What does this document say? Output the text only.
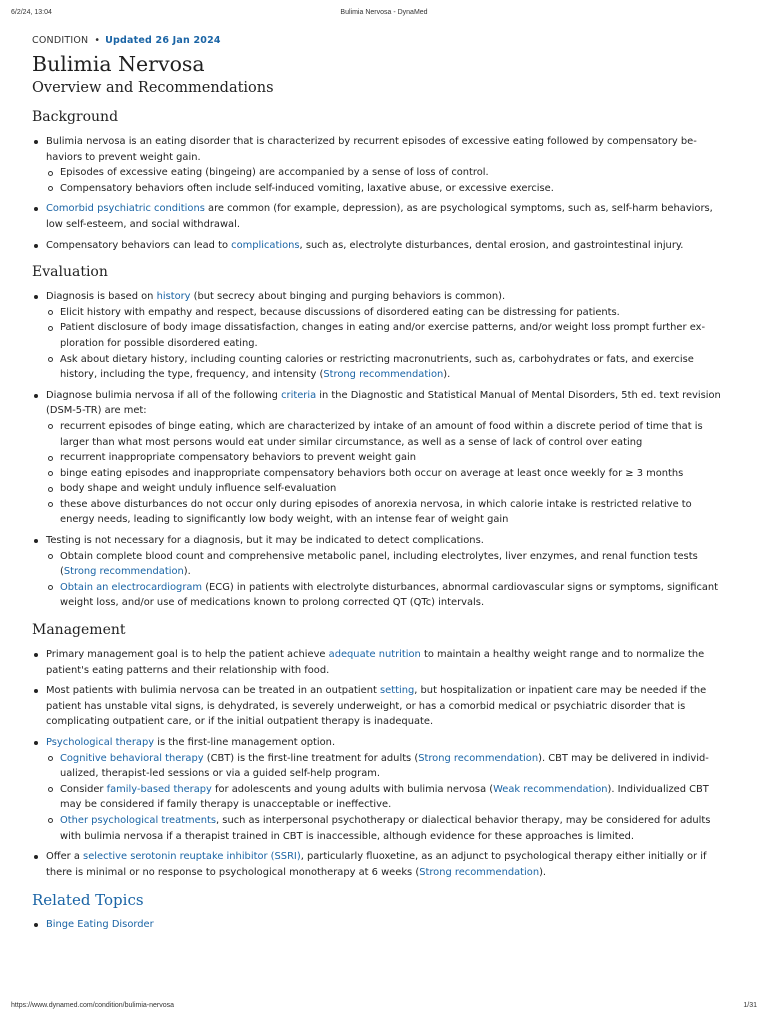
6/2/24, 13:04	Bulimia Nervosa - DynaMed
CONDITION • Updated 26 Jan 2024
Bulimia Nervosa
Overview and Recommendations
Background
Bulimia nervosa is an eating disorder that is characterized by recurrent episodes of excessive eating followed by compensatory behaviors to prevent weight gain.
Episodes of excessive eating (bingeing) are accompanied by a sense of loss of control.
Compensatory behaviors often include self-induced vomiting, laxative abuse, or excessive exercise.
Comorbid psychiatric conditions are common (for example, depression), as are psychological symptoms, such as, self-harm behaviors, low self-esteem, and social withdrawal.
Compensatory behaviors can lead to complications, such as, electrolyte disturbances, dental erosion, and gastrointestinal injury.
Evaluation
Diagnosis is based on history (but secrecy about binging and purging behaviors is common).
Elicit history with empathy and respect, because discussions of disordered eating can be distressing for patients.
Patient disclosure of body image dissatisfaction, changes in eating and/or exercise patterns, and/or weight loss prompt further exploration for possible disordered eating.
Ask about dietary history, including counting calories or restricting macronutrients, such as, carbohydrates or fats, and exercise history, including the type, frequency, and intensity (Strong recommendation).
Diagnose bulimia nervosa if all of the following criteria in the Diagnostic and Statistical Manual of Mental Disorders, 5th ed. text revision (DSM-5-TR) are met:
recurrent episodes of binge eating, which are characterized by intake of an amount of food within a discrete period of time that is larger than what most persons would eat under similar circumstance, as well as a sense of lack of control over eating
recurrent inappropriate compensatory behaviors to prevent weight gain
binge eating episodes and inappropriate compensatory behaviors both occur on average at least once weekly for ≥ 3 months
body shape and weight unduly influence self-evaluation
these above disturbances do not occur only during episodes of anorexia nervosa, in which calorie intake is restricted relative to energy needs, leading to significantly low body weight, with an intense fear of weight gain
Testing is not necessary for a diagnosis, but it may be indicated to detect complications.
Obtain complete blood count and comprehensive metabolic panel, including electrolytes, liver enzymes, and renal function tests (Strong recommendation).
Obtain an electrocardiogram (ECG) in patients with electrolyte disturbances, abnormal cardiovascular signs or symptoms, significant weight loss, and/or use of medications known to prolong corrected QT (QTc) intervals.
Management
Primary management goal is to help the patient achieve adequate nutrition to maintain a healthy weight range and to normalize the patient's eating patterns and their relationship with food.
Most patients with bulimia nervosa can be treated in an outpatient setting, but hospitalization or inpatient care may be needed if the patient has unstable vital signs, is dehydrated, is severely underweight, or has a comorbid medical or psychiatric disorder that is complicating outpatient care, or if the initial outpatient therapy is inadequate.
Psychological therapy is the first-line management option.
Cognitive behavioral therapy (CBT) is the first-line treatment for adults (Strong recommendation). CBT may be delivered in individualized, therapist-led sessions or via a guided self-help program.
Consider family-based therapy for adolescents and young adults with bulimia nervosa (Weak recommendation). Individualized CBT may be considered if family therapy is unacceptable or ineffective.
Other psychological treatments, such as interpersonal psychotherapy or dialectical behavior therapy, may be considered for adults with bulimia nervosa if a therapist trained in CBT is inaccessible, although evidence for these approaches is limited.
Offer a selective serotonin reuptake inhibitor (SSRI), particularly fluoxetine, as an adjunct to psychological therapy either initially or if there is minimal or no response to psychological monotherapy at 6 weeks (Strong recommendation).
Related Topics
Binge Eating Disorder
https://www.dynamed.com/condition/bulimia-nervosa	1/31
